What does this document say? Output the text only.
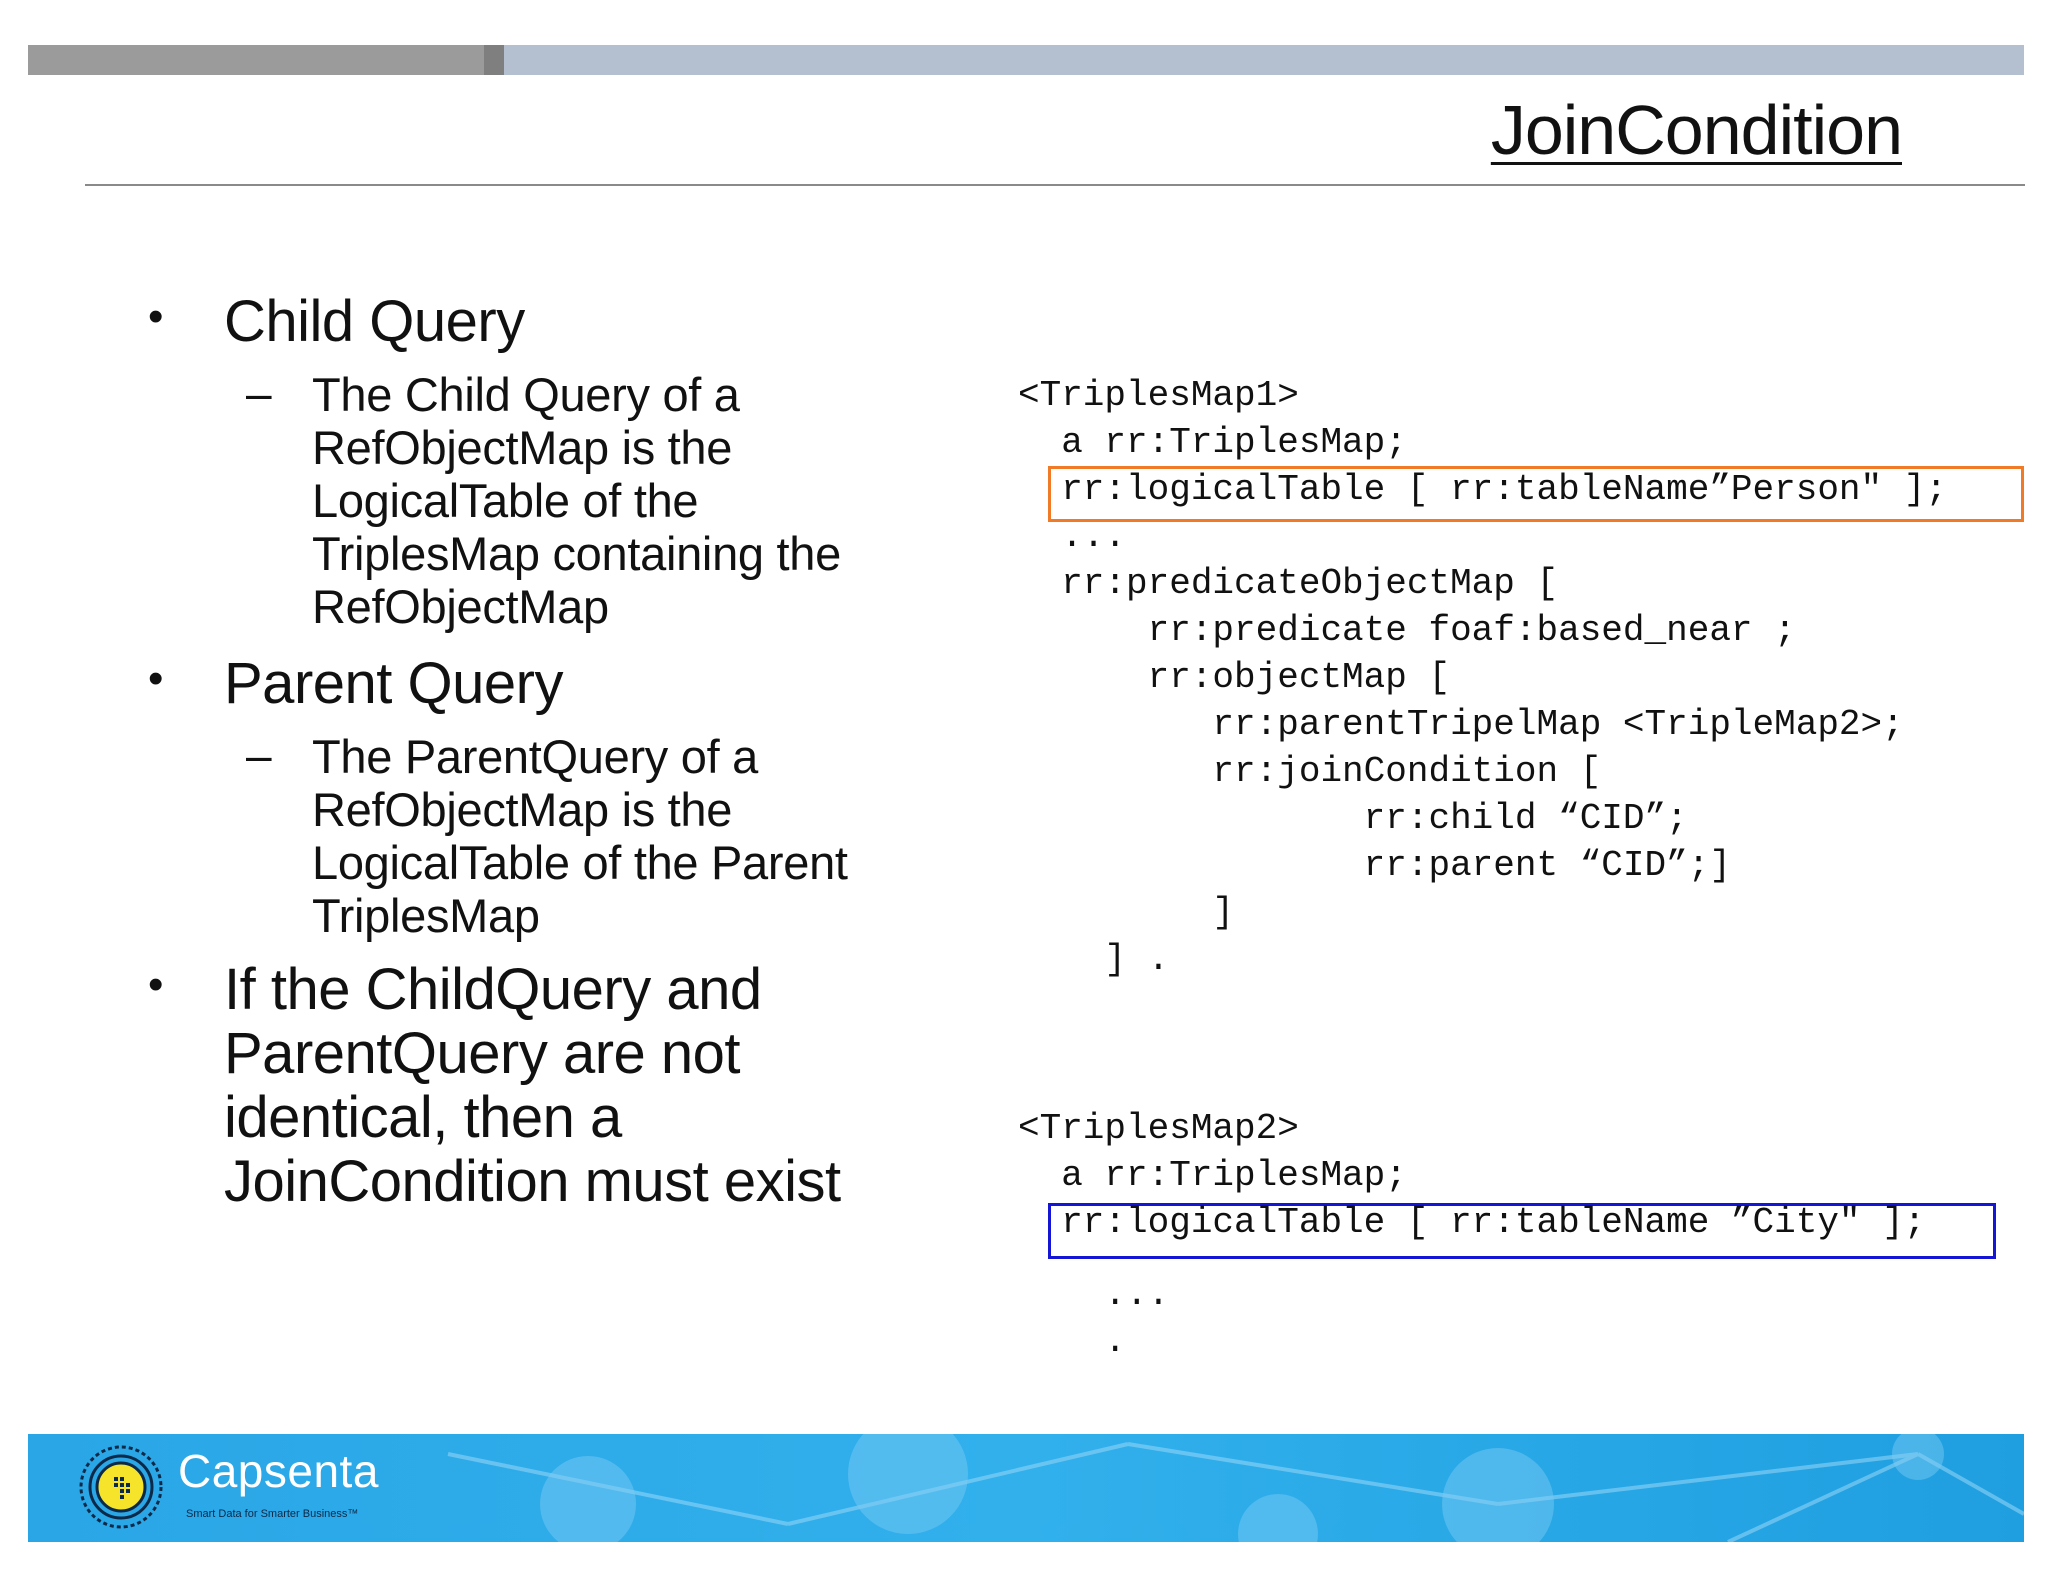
JoinCondition
• Child Query
– The Child Query of a
RefObjectMap is the
LogicalTable of the
TriplesMap containing the
RefObjectMap
• Parent Query
– The ParentQuery of a
RefObjectMap is the
LogicalTable of the Parent
TriplesMap
• If the ChildQuery and
ParentQuery are not
identical, then a
JoinCondition must exist
<TriplesMap1>
a rr:TriplesMap;
rr:logicalTable [ rr:tableName”Person" ];
...
rr:predicateObjectMap [
rr:predicate foaf:based_near ;
rr:objectMap [
rr:parentTripelMap <TripleMap2>;
rr:joinCondition [
rr:child “CID”;
rr:parent “CID”;]
]
] .
<TriplesMap2>
a rr:TriplesMap;
rr:logicalTable [ rr:tableName ”City" ];
...
.
Capsenta
Smart Data for Smarter Business™
